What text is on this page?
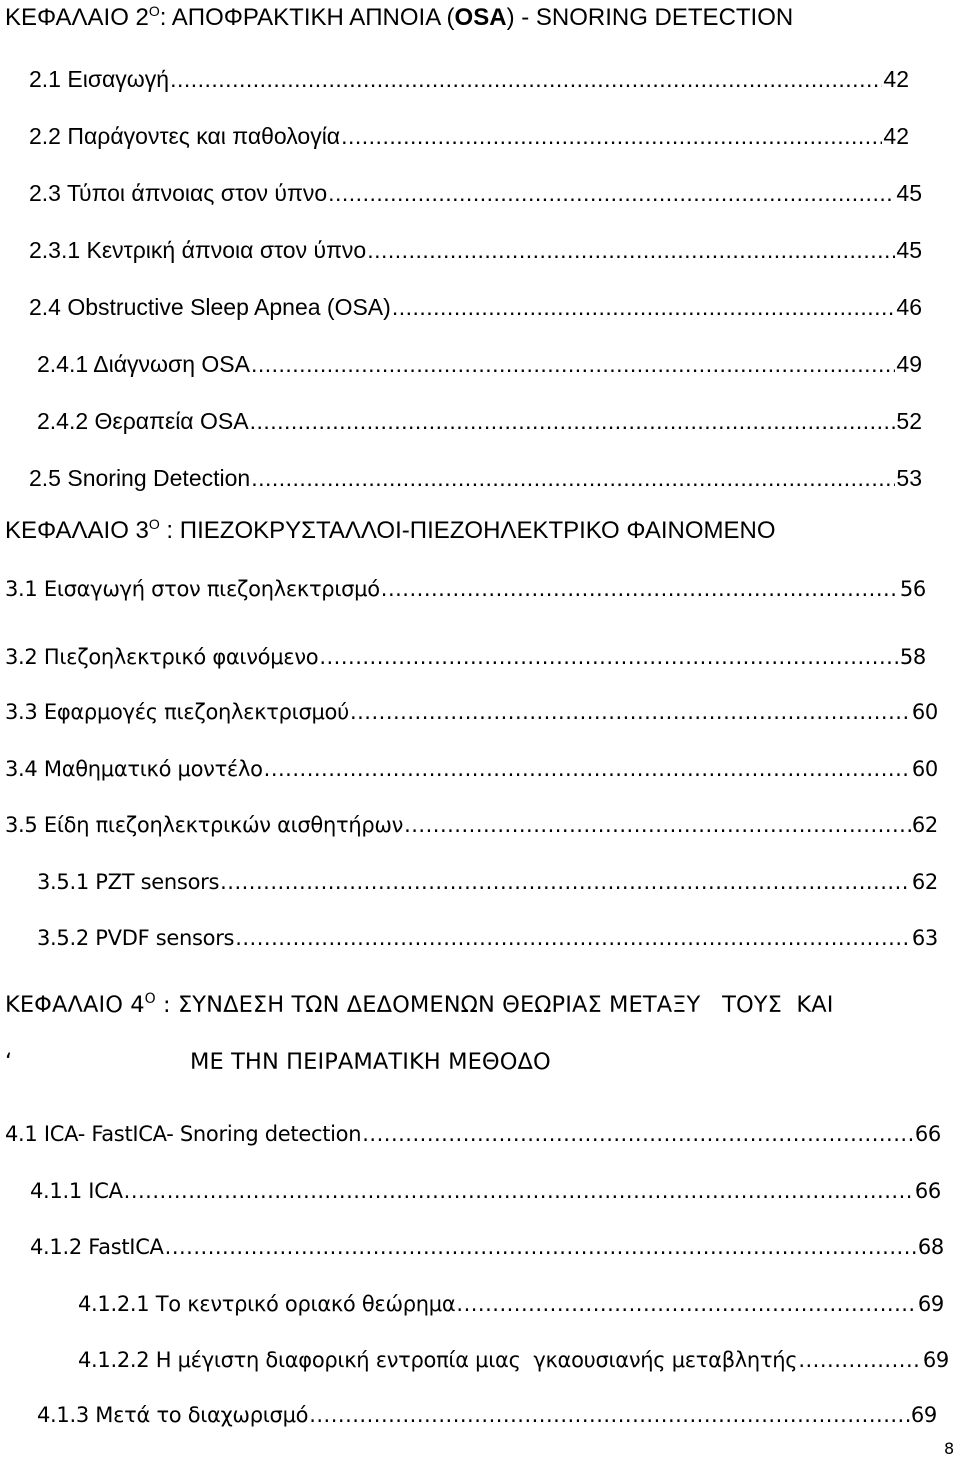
ΚΕΦΑΛΑΙΟ $2^O$: ΑΠΟΦΡΑΚΤΙΚΗ ΑΠΝΟΙΑ (OSA) - SNORING DETECTION
2.1 Εισαγωγή .....	42
2.2 Παράγοντες και παθολογία .....	42
2.3 Τύποι άπνοιας στον ύπνο .....	45
2.3.1 Κεντρική άπνοια στον ύπνο .....	45
2.4 Obstructive Sleep Apnea (OSA) .....	46
2.4.1 Διάγνωση OSA .....	49
2.4.2 Θεραπεία OSA .....	52
2.5 Snoring Detection .....	53
ΚΕΦΑΛΑΙΟ $3^O$ : ΠΙΕΖΟΚΡΥΣΤΑΛΛΟΙ-ΠΙΕΖΟΗΛΕΚΤΡΙΚΟ ΦΑΙΝΟΜΕΝΟ
3.1 Εισαγωγή στον πιεζοηλεκτρισμό .....	56
3.2 Πιεζοηλεκτρικό φαινόμενο .....	58
3.3 Εφαρμογές πιεζοηλεκτρισμού .....	60
3.4 Μαθηματικό μοντέλο .....	60
3.5 Είδη πιεζοηλεκτρικών αισθητήρων .....	62
3.5.1 PZT sensors .....	62
3.5.2 PVDF sensors .....	63
ΚΕΦΑΛΑΙΟ $4^O$ : ΣΥΝΔΕΣΗ ΤΩΝ ΔΕΔΟΜΕΝΩΝ ΘΕΩΡΙΑΣ ΜΕΤΑΞΥ   ΤΟΥΣ  ΚΑΙ
‘	ΜΕ ΤΗΝ ΠΕΙΡΑΜΑΤΙΚΗ ΜΕΘΟΔΟ
4.1 ICA- FastICA- Snoring detection .....	66
4.1.1 ICA .....	66
4.1.2 FastICA .....	68
4.1.2.1 Το κεντρικό οριακό θεώρημα .....	69
4.1.2.2 Η μέγιστη διαφορική εντροπία μιας  γκαουσιανής μεταβλητής .....	69
4.1.3 Μετά το διαχωρισμό .....	69
8
